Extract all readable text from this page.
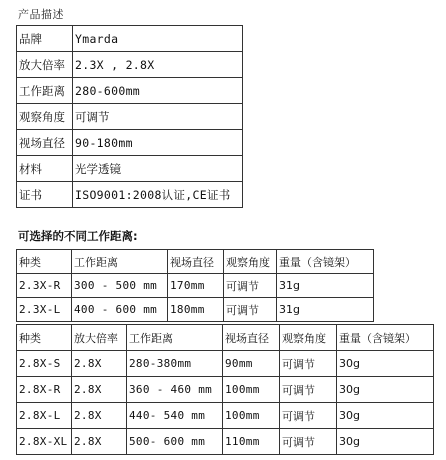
产品描述
品牌	Ymarda
放大倍率	2.3X , 2.8X
工作距离	280-600mm
观察角度	可调节
视场直径	90-180mm
材料	光学透镜
证书	ISO9001:2008认证,CE证书
可选择的不同工作距离:
种类	工作距离	视场直径	观察角度	重量（含镜架）
2.3X-R	300 - 500 mm	170mm	可调节	31g
2.3X-L	400 - 600 mm	180mm	可调节	31g
种类	放大倍率	工作距离	视场直径	观察角度	重量（含镜架）
2.8X-S	2.8X	280-380mm	90mm	可调节	30g
2.8X-R	2.8X	360 - 460 mm	100mm	可调节	30g
2.8X-L	2.8X	440- 540 mm	100mm	可调节	30g
2.8X-XL	2.8X	500- 600 mm	110mm	可调节	30g
